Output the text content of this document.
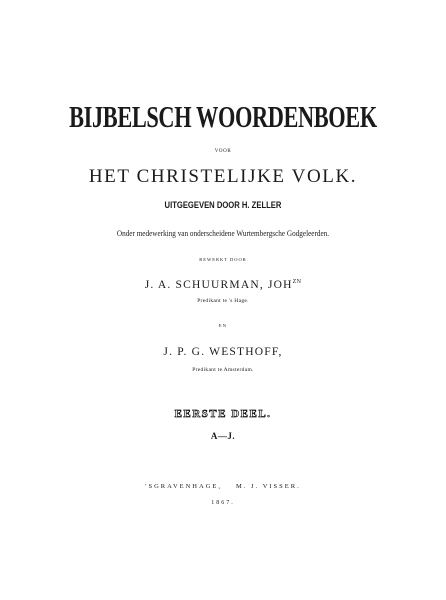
BIJBELSCH WOORDENBOEK
VOOR
HET CHRISTELIJKE VOLK.
UITGEGEVEN DOOR H. ZELLER
Onder medewerking van onderscheidene Wurtembergsche Godgeleerden.
BEWERKT DOOR
J. A. SCHUURMAN, $JOH^{ZN}$
Predikant te 's Hage.
EN
J. P. G. WESTHOFF,
Predikant te Amsterdam.
EERSTE DEEL.
A—J.
'SGRAVENHAGE, M. J. VISSER.
1867.
